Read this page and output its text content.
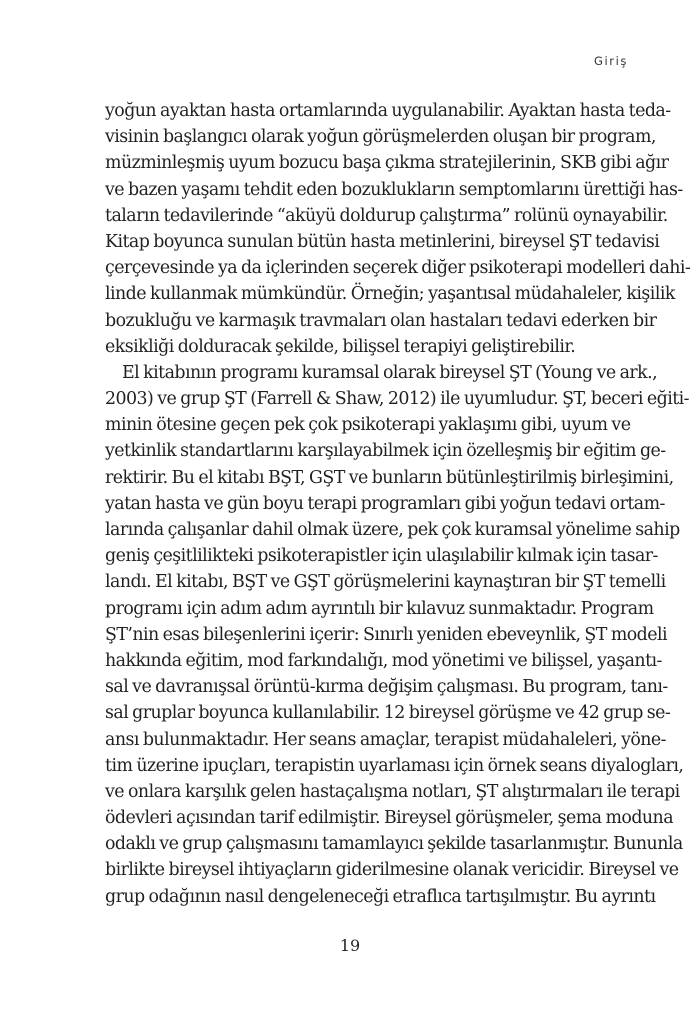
Giriş
yoğun ayaktan hasta ortamlarında uygulanabilir. Ayaktan hasta teda-
visinin başlangıcı olarak yoğun görüşmelerden oluşan bir program,
müzminleşmiş uyum bozucu başa çıkma stratejilerinin, SKB gibi ağır
ve bazen yaşamı tehdit eden bozuklukların semptomlarını ürettiği has-
taların tedavilerinde “aküyü doldurup çalıştırma” rolünü oynayabilir.
Kitap boyunca sunulan bütün hasta metinlerini, bireysel ŞT tedavisi
çerçevesinde ya da içlerinden seçerek diğer psikoterapi modelleri dahi-
linde kullanmak mümkündür. Örneğin; yaşantısal müdahaleler, kişilik
bozukluğu ve karmaşık travmaları olan hastaları tedavi ederken bir
eksikliği dolduracak şekilde, bilişsel terapiyi geliştirebilir.
El kitabının programı kuramsal olarak bireysel ŞT (Young ve ark.,
2003) ve grup ŞT (Farrell & Shaw, 2012) ile uyumludur. ŞT, beceri eğiti-
minin ötesine geçen pek çok psikoterapi yaklaşımı gibi, uyum ve
yetkinlik standartlarını karşılayabilmek için özelleşmiş bir eğitim ge-
rektirir. Bu el kitabı BŞT, GŞT ve bunların bütünleştirilmiş birleşimini,
yatan hasta ve gün boyu terapi programları gibi yoğun tedavi ortam-
larında çalışanlar dahil olmak üzere, pek çok kuramsal yönelime sahip
geniş çeşitlilikteki psikoterapistler için ulaşılabilir kılmak için tasar-
landı. El kitabı, BŞT ve GŞT görüşmelerini kaynaştıran bir ŞT temelli
programı için adım adım ayrıntılı bir kılavuz sunmaktadır. Program
ŞT’nin esas bileşenlerini içerir: Sınırlı yeniden ebeveynlik, ŞT modeli
hakkında eğitim, mod farkındalığı, mod yönetimi ve bilişsel, yaşantı-
sal ve davranışsal örüntü-kırma değişim çalışması. Bu program, tanı-
sal gruplar boyunca kullanılabilir. 12 bireysel görüşme ve 42 grup se-
ansı bulunmaktadır. Her seans amaçlar, terapist müdahaleleri, yöne-
tim üzerine ipuçları, terapistin uyarlaması için örnek seans diyalogları,
ve onlara karşılık gelen hastaçalışma notları, ŞT alıştırmaları ile terapi
ödevleri açısından tarif edilmiştir. Bireysel görüşmeler, şema moduna
odaklı ve grup çalışmasını tamamlayıcı şekilde tasarlanmıştır. Bununla
birlikte bireysel ihtiyaçların giderilmesine olanak vericidir. Bireysel ve
grup odağının nasıl dengeleneceği etraflıca tartışılmıştır. Bu ayrıntı
19
